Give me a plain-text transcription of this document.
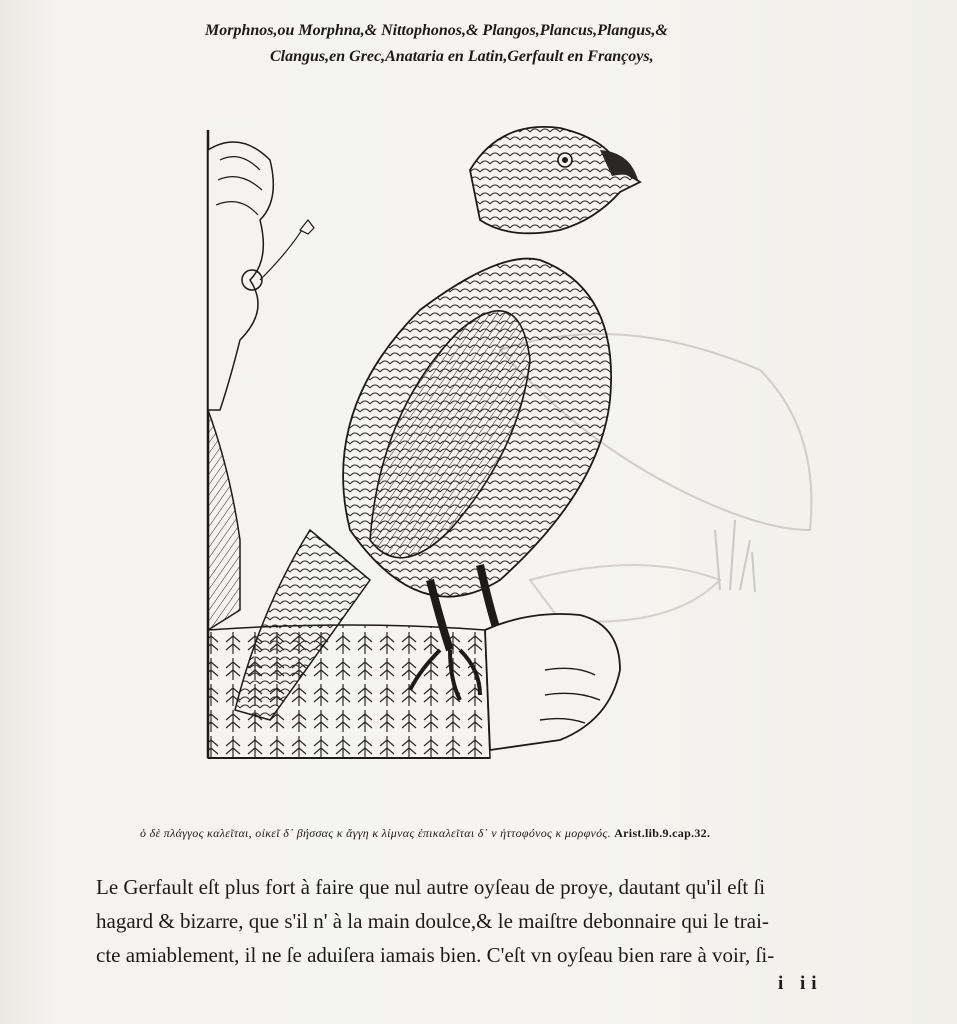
Morphnos,ou Morphna,& Nittophonos,& Plangos,Plancus,Plangus,&
Clangus,en Grec,Anataria en Latin,Gerfault en Françoys,
ὁ δὲ πλάγγος καλεῖται, οἰκεῖ δ᾽ βήσσας κ ἄγγη κ λίμνας ἐπικαλεῖται δ᾽ ν ἠττοφόνος κ μορφνός. Arist.lib.9.cap.32.
Le Gerfault eſt plus fort à faire que nul autre oyſeau de proye, dautant qu'il eſt ſi
hagard & bizarre, que s'il n' à la main doulce,& le maiſtre debonnaire qui le trai-
cte amiablement, il ne ſe aduiſera iamais bien. C'eſt vn oyſeau bien rare à voir, ſi-
i ii
